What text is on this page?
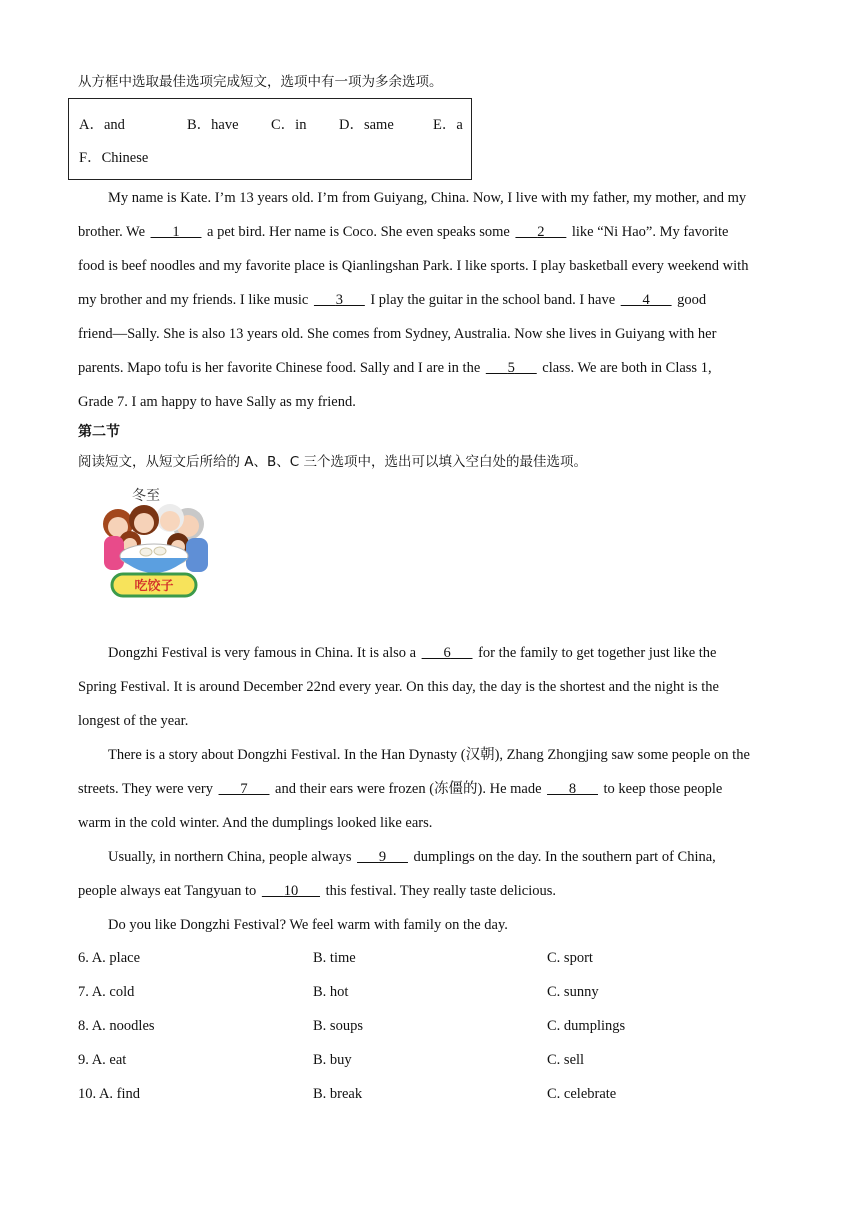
从方框中选取最佳选项完成短文，选项中有一项为多余选项。
A．and	B．have C．in D．same	E．a
F．Chinese
My name is Kate. I’m 13 years old. I’m from Guiyang, China. Now, I live with my father, my mother, and my
brother. We 1 a pet bird. Her name is Coco. She even speaks some 2 like “Ni Hao”. My favorite
food is beef noodles and my favorite place is Qianlingshan Park. I like sports. I play basketball every weekend with
my brother and my friends. I like music 3 I play the guitar in the school band. I have 4 good
friend—Sally. She is also 13 years old. She comes from Sydney, Australia. Now she lives in Guiyang with her
parents. Mapo tofu is her favorite Chinese food. Sally and I are in the 5 class. We are both in Class 1,
Grade 7. I am happy to have Sally as my friend.
第二节
阅读短文，从短文后所给的 A、B、C 三个选项中，选出可以填入空白处的最佳选项。
冬至
吃饺子
Dongzhi Festival is very famous in China. It is also a 6 for the family to get together just like the
Spring Festival. It is around December 22nd every year. On this day, the day is the shortest and the night is the
longest of the year.
There is a story about Dongzhi Festival. In the Han Dynasty (汉朝), Zhang Zhongjing saw some people on the
streets. They were very 7 and their ears were frozen (冻僵的). He made 8 to keep those people
warm in the cold winter. And the dumplings looked like ears.
Usually, in northern China, people always 9 dumplings on the day. In the southern part of China,
people always eat Tangyuan to 10 this festival. They really taste delicious.
Do you like Dongzhi Festival? We feel warm with family on the day.
6. A. place	B. time	C. sport
7. A. cold	B. hot	C. sunny
8. A. noodles	B. soups	C. dumplings
9. A. eat	B. buy	C. sell
10. A. find	B. break	C. celebrate
